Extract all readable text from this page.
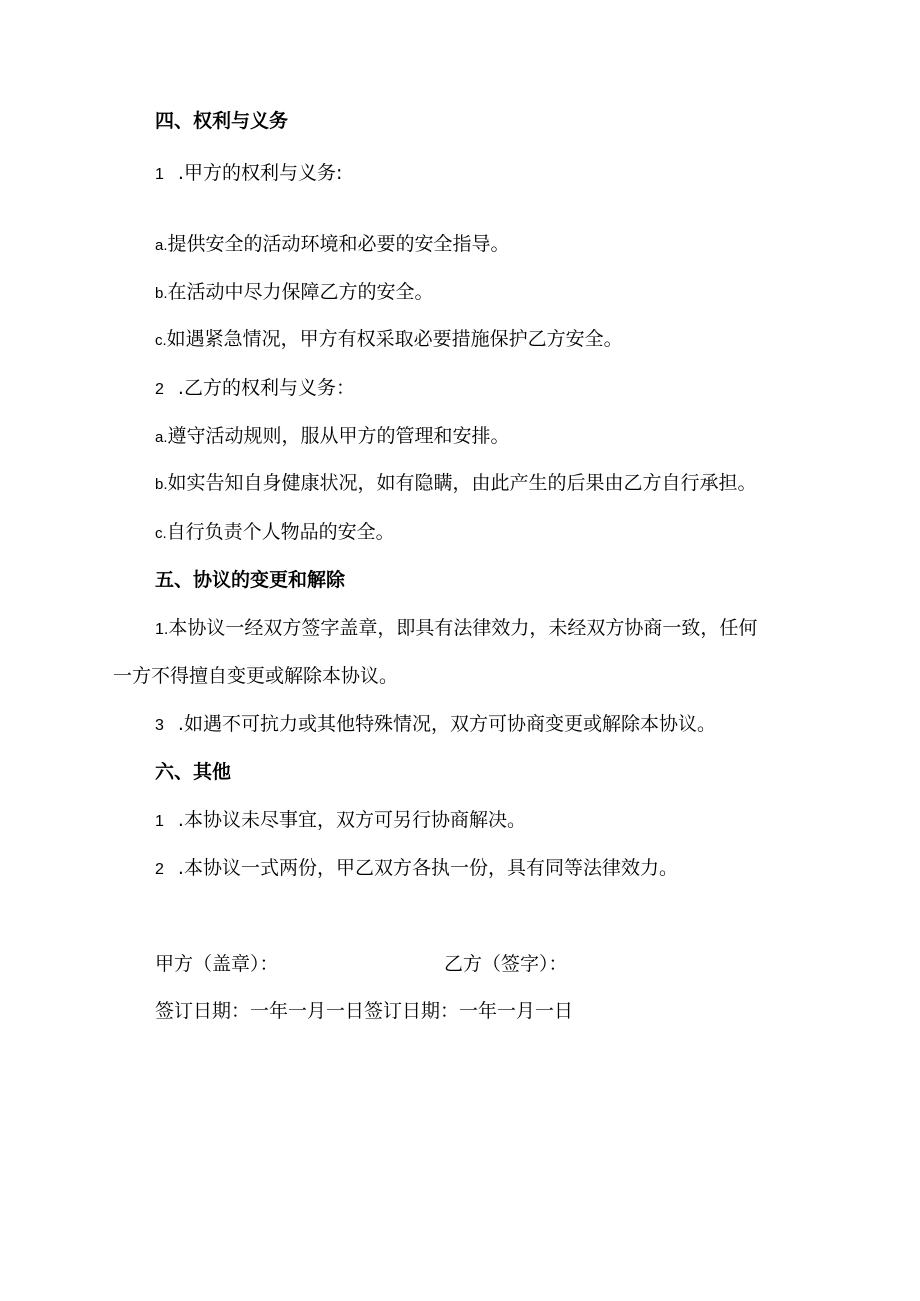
四、权利与义务
1 .甲方的权利与义务:
a.提供安全的活动环境和必要的安全指导。
b.在活动中尽力保障乙方的安全。
c.如遇紧急情况，甲方有权采取必要措施保护乙方安全。
2 .乙方的权利与义务：
a.遵守活动规则，服从甲方的管理和安排。
b.如实告知自身健康状况，如有隐瞒，由此产生的后果由乙方自行承担。
c.自行负责个人物品的安全。
五、协议的变更和解除
1.本协议一经双方签字盖章，即具有法律效力，未经双方协商一致，任何
一方不得擅自变更或解除本协议。
3 .如遇不可抗力或其他特殊情况，双方可协商变更或解除本协议。
六、其他
1 .本协议未尽事宜，双方可另行协商解决。
2 .本协议一式两份，甲乙双方各执一份，具有同等法律效力。
甲方（盖章）：	乙方（签字）：
签订日期：一年一月一日签订日期：一年一月一日
